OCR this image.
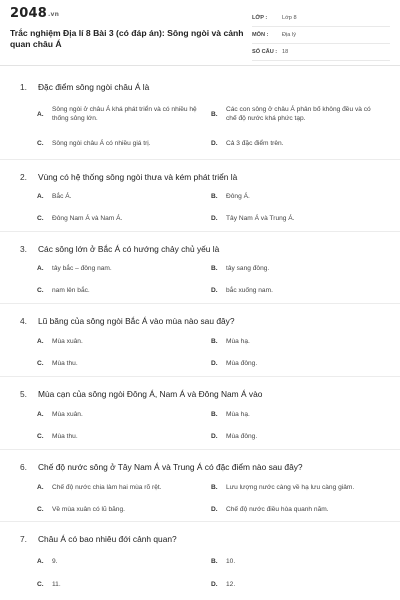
2048.vn
Trắc nghiệm Địa lí 8 Bài 3 (có đáp án): Sông ngòi và cảnh quan châu Á
LỚP :	Lớp 8
MÔN :	Địa lý
SỐ CÂU : 18
1.	Đặc điểm sông ngòi châu Á là
A.
Sông ngòi ở châu Á khá phát triển và có nhiều hệ thống sông lớn.
B.
Các con sông ở châu Á phân bố không đều và có chế độ nước khá phức tạp.
C.	Sông ngòi châu Á có nhiều giá trị.	D.	Cả 3 đặc điểm trên.
2.	Vùng có hệ thống sông ngòi thưa và kém phát triển là
A.	Bắc Á.	B.	Đông Á.
C.	Đông Nam Á và Nam Á.	D.	Tây Nam Á và Trung Á.
3.	Các sông lớn ở Bắc Á có hướng chảy chủ yếu là
A.	tây bắc – đông nam.	B.	tây sang đông.
C.	nam lên bắc.	D.	bắc xuống nam.
4.	Lũ băng của sông ngòi Bắc Á vào mùa nào sau đây?
A.	Mùa xuân.	B.	Mùa hạ.
C.	Mùa thu.	D.	Mùa đông.
5.	Mùa cạn của sông ngòi Đông Á, Nam Á và Đông Nam Á vào
A.	Mùa xuân.	B.	Mùa hạ.
C.	Mùa thu.	D.	Mùa đông.
6.	Chế độ nước sông ở Tây Nam Á và Trung Á có đặc điểm nào sau đây?
A.	Chế độ nước chia làm hai mùa rõ rệt.	B.	Lưu lượng nước càng về hạ lưu càng giảm.
C.	Về mùa xuân có lũ băng.	D.	Chế độ nước điều hòa quanh năm.
7.	Châu Á có bao nhiêu đới cảnh quan?
A.	9.	B.	10.
C.	11.	D.	12.
